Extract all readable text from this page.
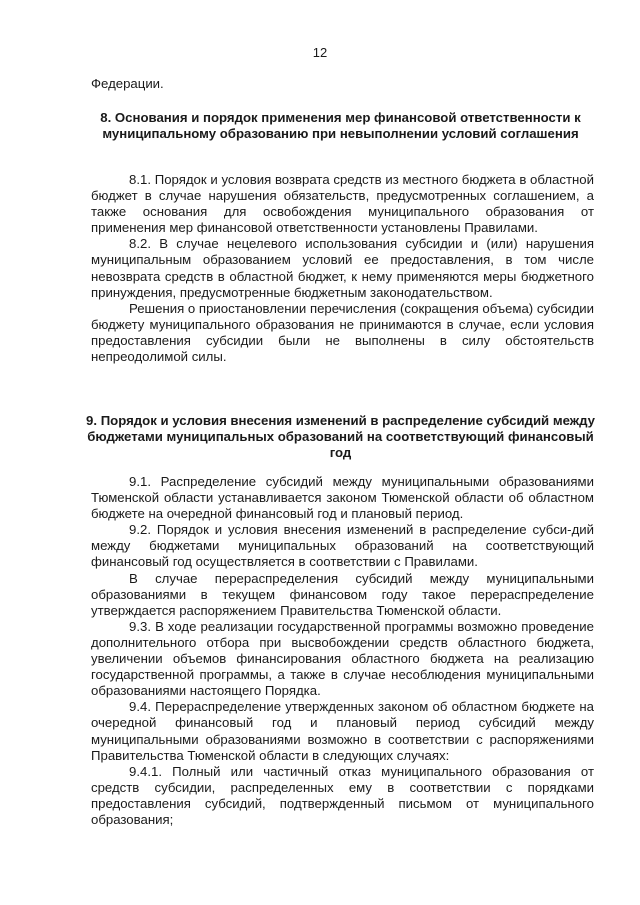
12
Федерации.

8. Основания и порядок применения мер финансовой ответственности к муниципальному образованию при невыполнении условий соглашения

8.1. Порядок и условия возврата средств из местного бюджета в областной бюджет в случае нарушения обязательств, предусмотренных соглашением, а также основания для освобождения муниципального образования от применения мер финансовой ответственности установлены Правилами.

8.2. В случае нецелевого использования субсидии и (или) нарушения муниципальным образованием условий ее предоставления, в том числе невозврата средств в областной бюджет, к нему применяются меры бюджетного принуждения, предусмотренные бюджетным законодательством.

Решения о приостановлении перечисления (сокращения объема) субсидии бюджету муниципального образования не принимаются в случае, если условия предоставления субсидии были не выполнены в силу обстоятельств непреодолимой силы.

9. Порядок и условия внесения изменений в распределение субсидий между бюджетами муниципальных образований на соответствующий финансовый год

9.1. Распределение субсидий между муниципальными образованиями Тюменской области устанавливается законом Тюменской области об областном бюджете на очередной финансовый год и плановый период.

9.2. Порядок и условия внесения изменений в распределение субси-дий между бюджетами муниципальных образований на соответствующий финансовый год осуществляется в соответствии с Правилами.

В случае перераспределения субсидий между муниципальными образованиями в текущем финансовом году такое перераспределение утверждается распоряжением Правительства Тюменской области.

9.3. В ходе реализации государственной программы возможно проведение дополнительного отбора при высвобождении средств областного бюджета, увеличении объемов финансирования областного бюджета на реализацию государственной программы, а также в случае несоблюдения муниципальными образованиями настоящего Порядка.

9.4. Перераспределение утвержденных законом об областном бюджете на очередной финансовый год и плановый период субсидий между муниципальными образованиями возможно в соответствии с распоряжениями Правительства Тюменской области в следующих случаях:

9.4.1. Полный или частичный отказ муниципального образования от средств субсидии, распределенных ему в соответствии с порядками предоставления субсидий, подтвержденный письмом от муниципального образования;
